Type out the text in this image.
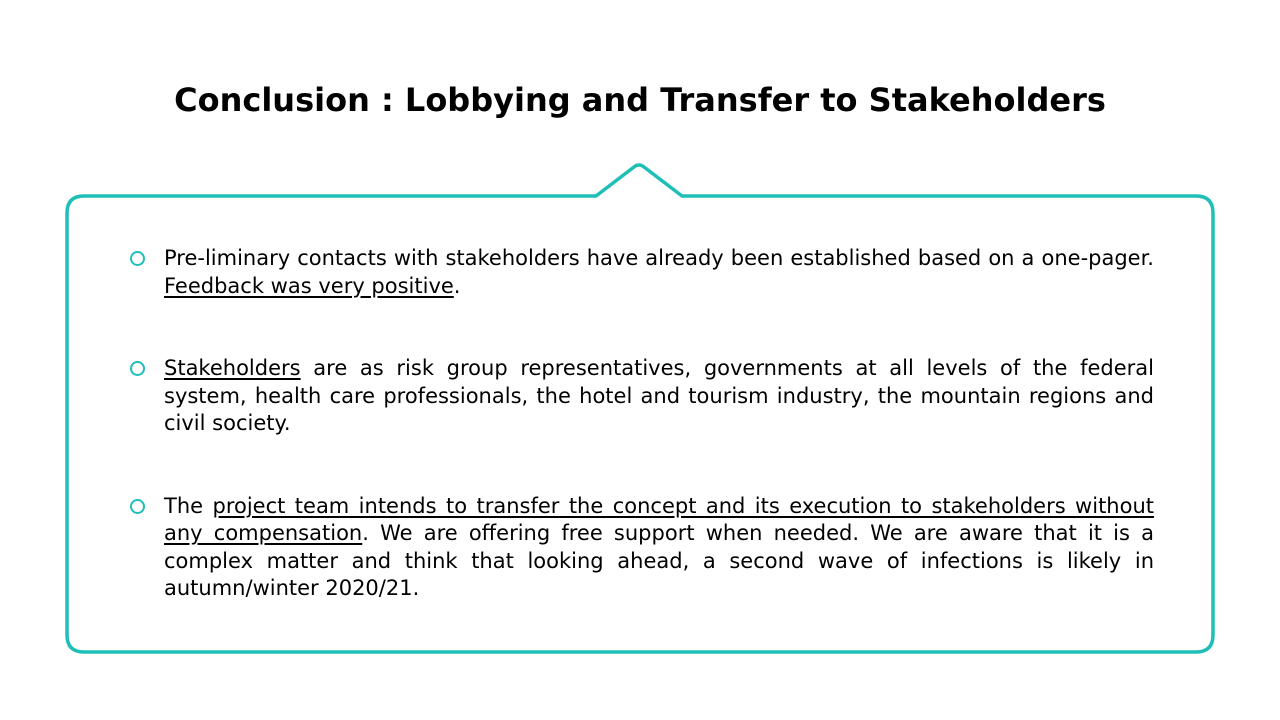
Conclusion : Lobbying and Transfer to Stakeholders
Pre-liminary contacts with stakeholders have already been established based on a one-pager. Feedback was very positive.
Stakeholders are as risk group representatives, governments at all levels of the federal system, health care professionals, the hotel and tourism industry, the mountain regions and civil society.
The project team intends to transfer the concept and its execution to stakeholders without any compensation. We are offering free support when needed. We are aware that it is a complex matter and think that looking ahead, a second wave of infections is likely in autumn/winter 2020/21.
